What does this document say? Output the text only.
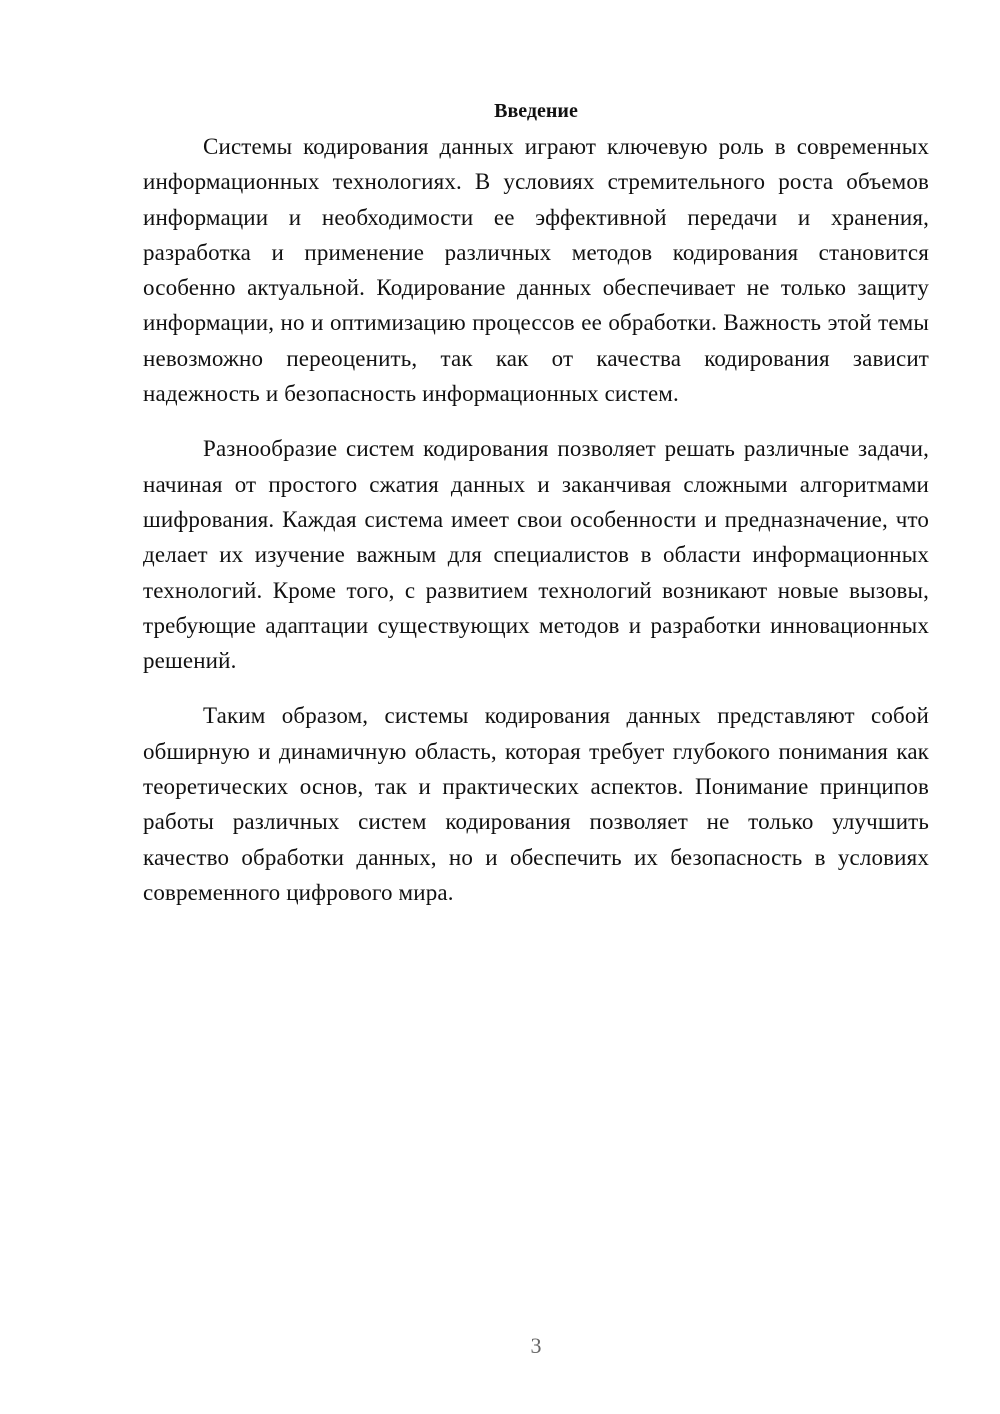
Введение

Системы кодирования данных играют ключевую роль в современных информационных технологиях. В условиях стремительного роста объемов информации и необходимости ее эффективной передачи и хранения, разработка и применение различных методов кодирования становится особенно актуальной. Кодирование данных обеспечивает не только защиту информации, но и оптимизацию процессов ее обработки. Важность этой темы невозможно переоценить, так как от качества кодирования зависит надежность и безопасность информационных систем.

Разнообразие систем кодирования позволяет решать различные задачи, начиная от простого сжатия данных и заканчивая сложными алгоритмами шифрования. Каждая система имеет свои особенности и предназначение, что делает их изучение важным для специалистов в области информационных технологий. Кроме того, с развитием технологий возникают новые вызовы, требующие адаптации существующих методов и разработки инновационных решений.

Таким образом, системы кодирования данных представляют собой обширную и динамичную область, которая требует глубокого понимания как теоретических основ, так и практических аспектов. Понимание принципов работы различных систем кодирования позволяет не только улучшить качество обработки данных, но и обеспечить их безопасность в условиях современного цифрового мира.

3
